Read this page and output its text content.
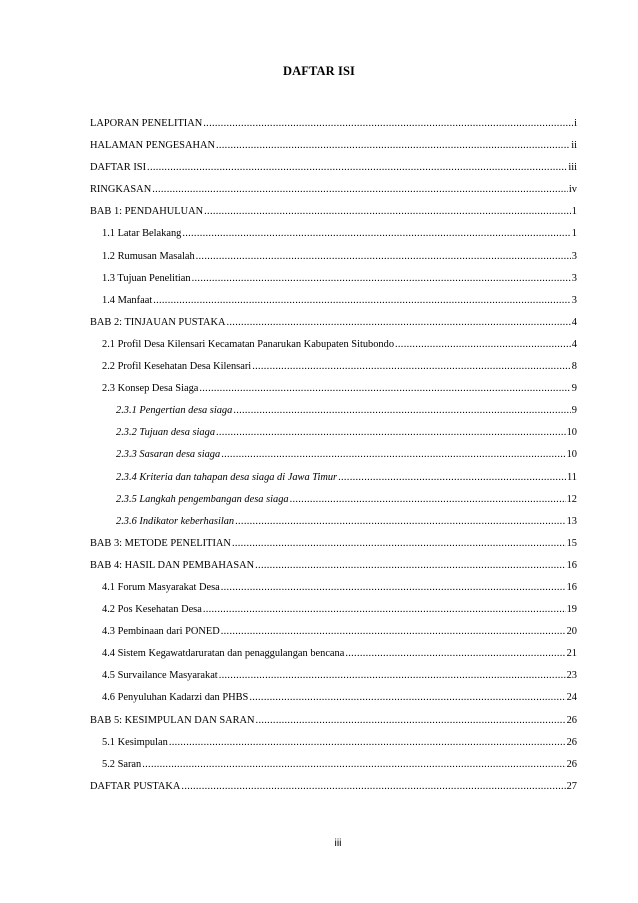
DAFTAR ISI
LAPORAN PENELITIAN .....	i
HALAMAN PENGESAHAN .....	ii
DAFTAR ISI .....	iii
RINGKASAN .....	iv
BAB 1: PENDAHULUAN .....	1
1.1 Latar Belakang .....	1
1.2 Rumusan Masalah .....	3
1.3 Tujuan Penelitian .....	3
1.4 Manfaat .....	3
BAB 2: TINJAUAN PUSTAKA .....	4
2.1 Profil Desa Kilensari Kecamatan Panarukan Kabupaten Situbondo .....	4
2.2 Profil Kesehatan Desa Kilensari .....	8
2.3 Konsep Desa Siaga .....	9
2.3.1 Pengertian desa siaga .....	9
2.3.2 Tujuan desa siaga .....	10
2.3.3 Sasaran desa siaga .....	10
2.3.4 Kriteria dan tahapan desa siaga di Jawa Timur .....	11
2.3.5 Langkah pengembangan desa siaga .....	12
2.3.6 Indikator keberhasilan .....	13
BAB 3: METODE PENELITIAN .....	15
BAB 4: HASIL DAN PEMBAHASAN .....	16
4.1 Forum Masyarakat Desa .....	16
4.2 Pos Kesehatan Desa .....	19
4.3 Pembinaan dari PONED .....	20
4.4 Sistem Kegawatdaruratan dan penaggulangan bencana .....	21
4.5 Survailance Masyarakat .....	23
4.6 Penyuluhan Kadarzi dan PHBS .....	24
BAB 5: KESIMPULAN DAN SARAN .....	26
5.1 Kesimpulan .....	26
5.2 Saran .....	26
DAFTAR PUSTAKA .....	27
iii
